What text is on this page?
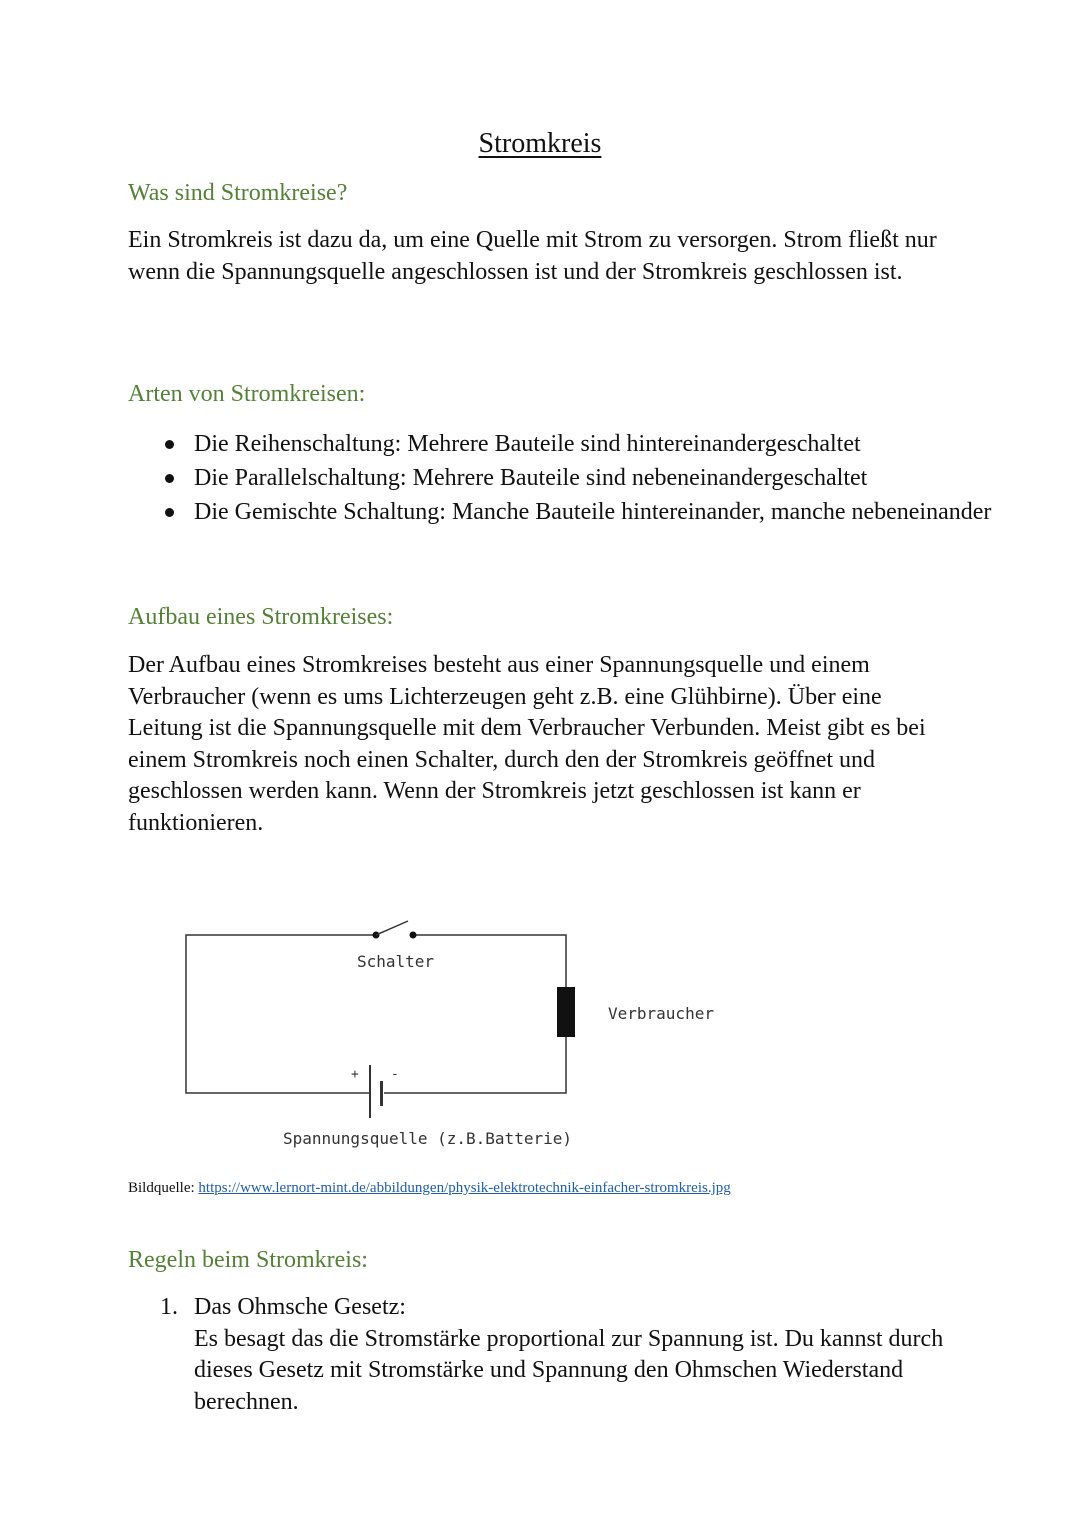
Stromkreis
Was sind Stromkreise?
Ein Stromkreis ist dazu da, um eine Quelle mit Strom zu versorgen. Strom fließt nur wenn die Spannungsquelle angeschlossen ist und der Stromkreis geschlossen ist.
Arten von Stromkreisen:
Die Reihenschaltung: Mehrere Bauteile sind hintereinandergeschaltet
Die Parallelschaltung: Mehrere Bauteile sind nebeneinandergeschaltet
Die Gemischte Schaltung: Manche Bauteile hintereinander, manche nebeneinander
Aufbau eines Stromkreises:
Der Aufbau eines Stromkreises besteht aus einer Spannungsquelle und einem Verbraucher (wenn es ums Lichterzeugen geht z.B. eine Glühbirne). Über eine Leitung ist die Spannungsquelle mit dem Verbraucher Verbunden. Meist gibt es bei einem Stromkreis noch einen Schalter, durch den der Stromkreis geöffnet und geschlossen werden kann. Wenn der Stromkreis jetzt geschlossen ist kann er funktionieren.
+ -
Schalter
Verbraucher
Spannungsquelle (z.B.Batterie)
Bildquelle: https://www.lernort-mint.de/abbildungen/physik-elektrotechnik-einfacher-stromkreis.jpg
Regeln beim Stromkreis:
1. Das Ohmsche Gesetz:
Es besagt das die Stromstärke proportional zur Spannung ist. Du kannst durch dieses Gesetz mit Stromstärke und Spannung den Ohmschen Wiederstand berechnen.
